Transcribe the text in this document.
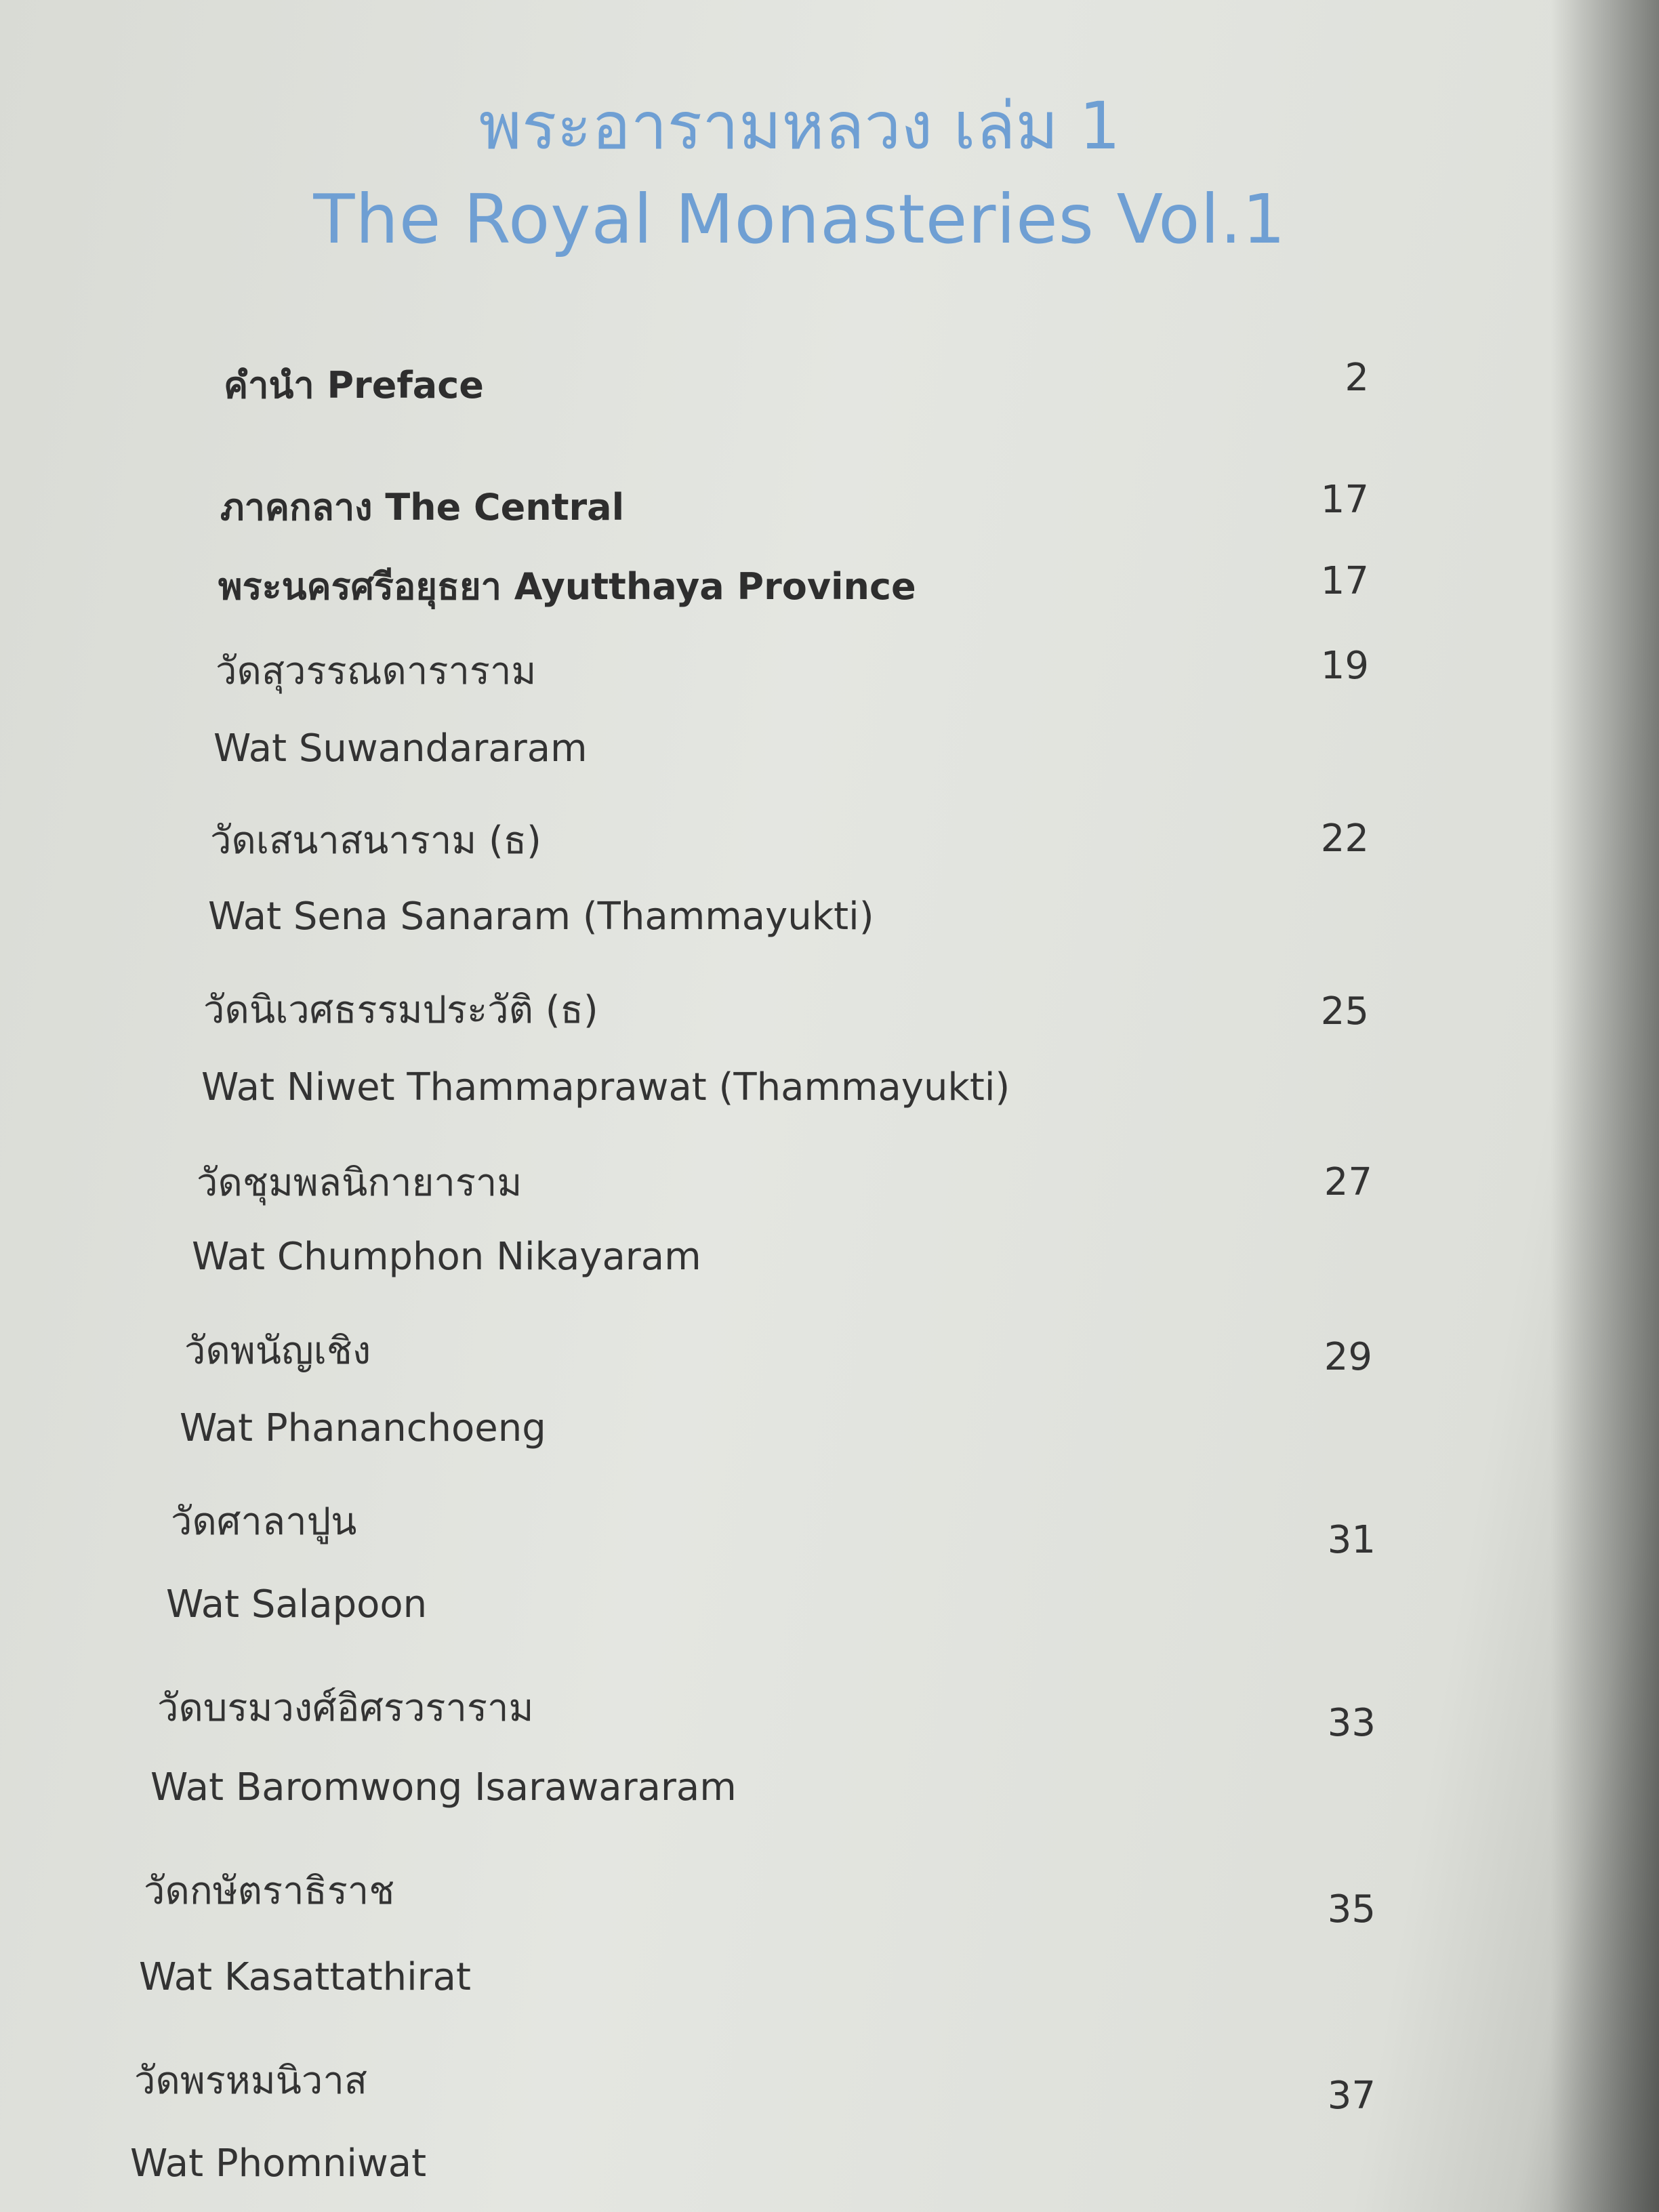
พระอารามหลวง เล่ม 1
The Royal Monasteries Vol.1
คำนำ Preface	2
ภาคกลาง The Central	17
พระนครศรีอยุธยา Ayutthaya Province	17
วัดสุวรรณดาราราม	19
Wat Suwandararam
วัดเสนาสนาราม (ธ)	22
Wat Sena Sanaram (Thammayukti)
วัดนิเวศธรรมประวัติ (ธ)	25
Wat Niwet Thammaprawat (Thammayukti)
วัดชุมพลนิกายาราม	27
Wat Chumphon Nikayaram
วัดพนัญเชิง	29
Wat Phananchoeng
วัดศาลาปูน	31
Wat Salapoon
วัดบรมวงศ์อิศรวราราม	33
Wat Baromwong Isarawararam
วัดกษัตราธิราช	35
Wat Kasattathirat
วัดพรหมนิวาส	37
Wat Phomniwat
